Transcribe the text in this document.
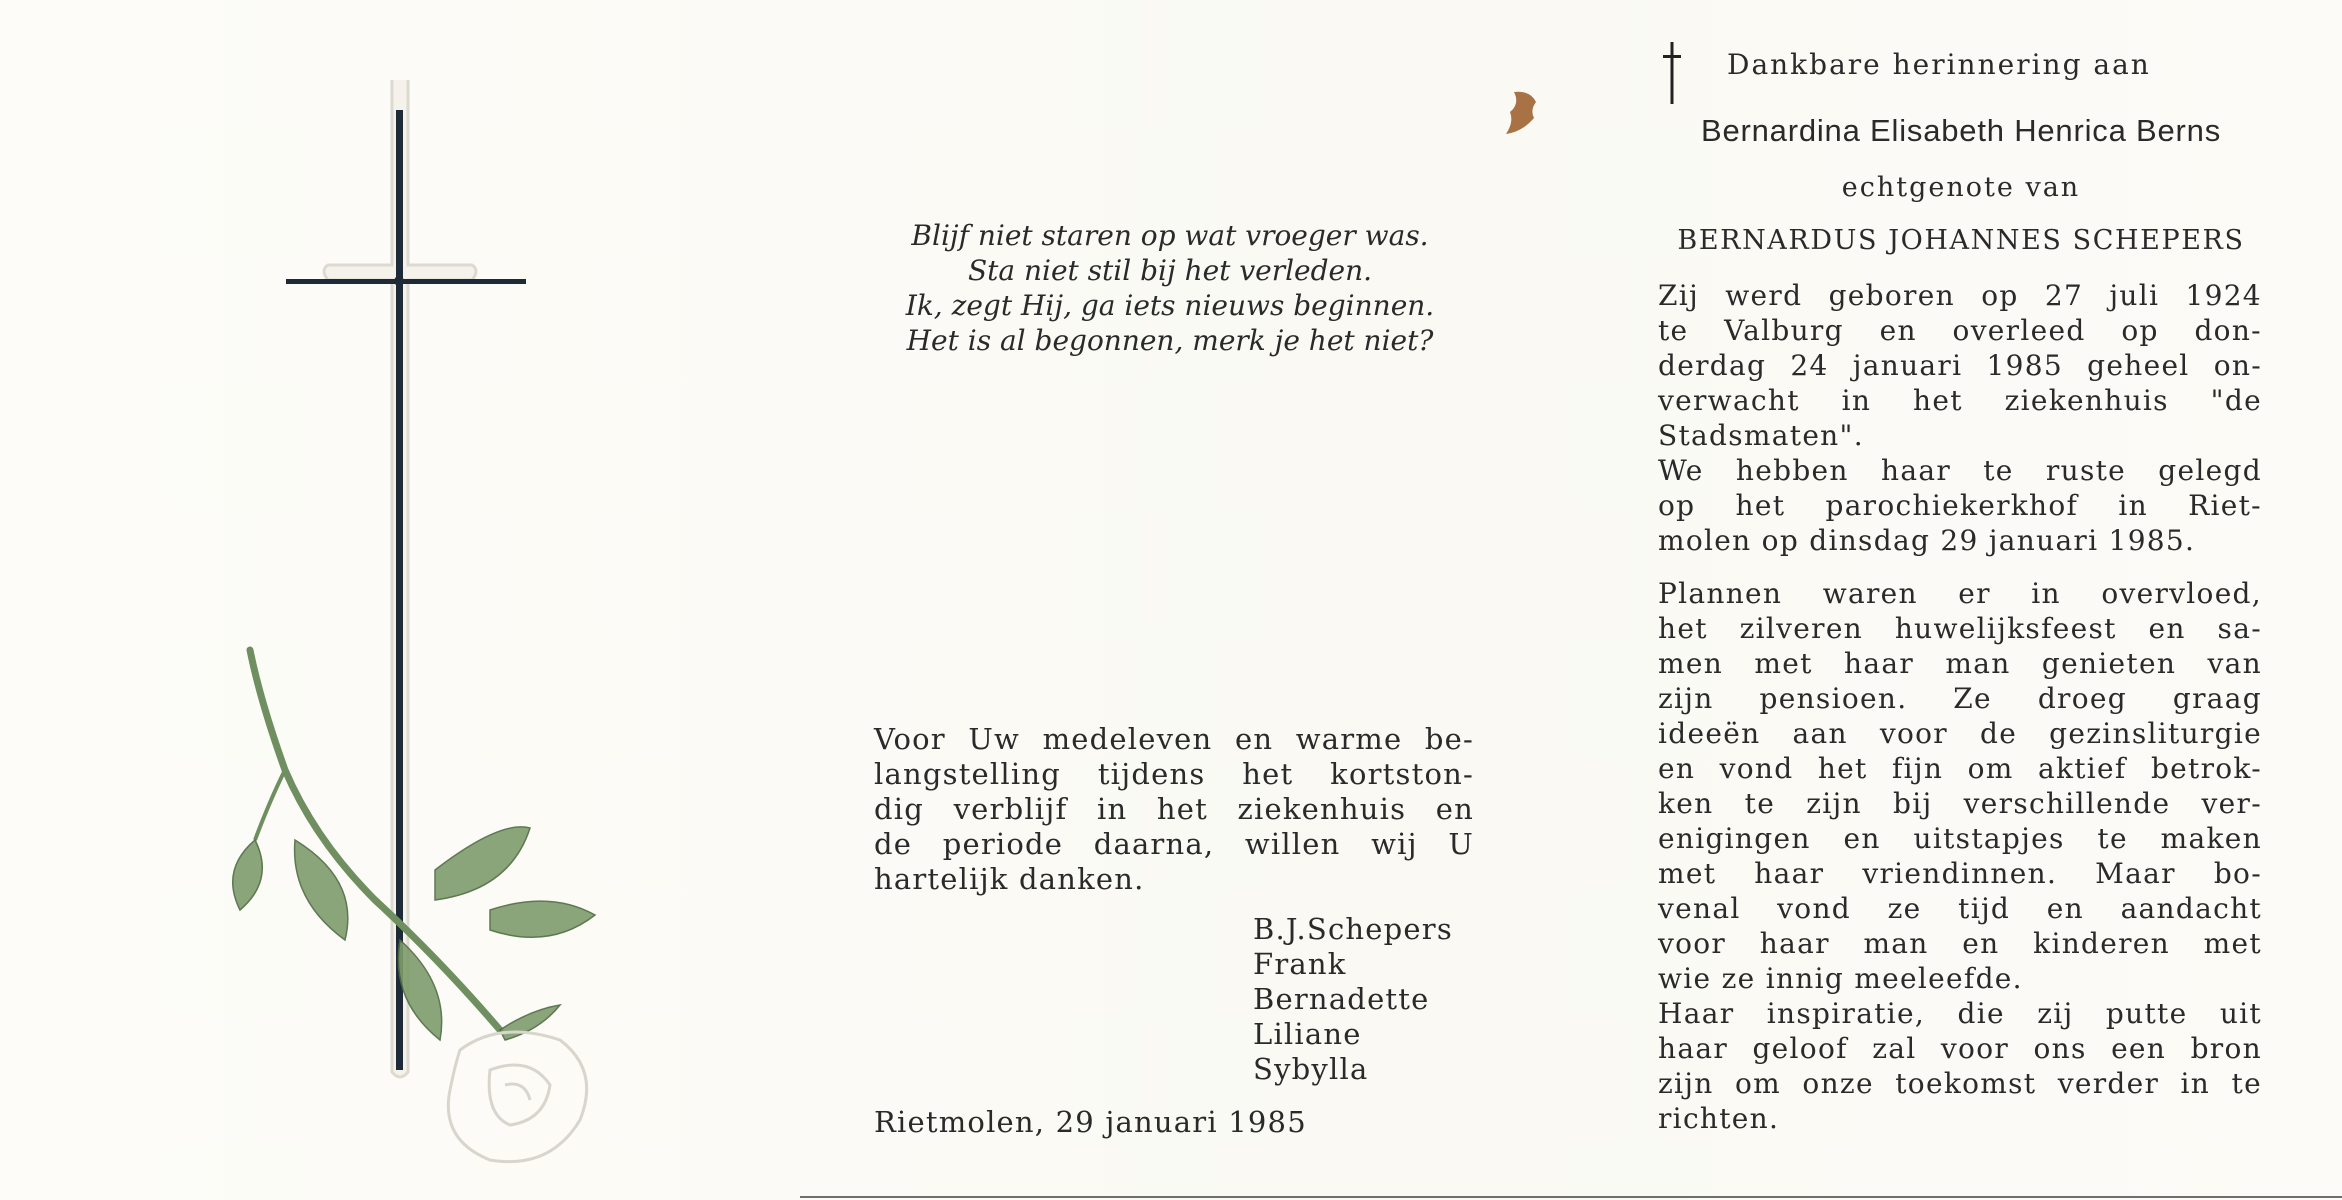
Blijf niet staren op wat vroeger was.
Sta niet stil bij het verleden.
Ik, zegt Hij, ga iets nieuws beginnen.
Het is al begonnen, merk je het niet?
Voor Uw medeleven en warme be-
langstelling tijdens het kortston-
dig verblijf in het ziekenhuis en
de periode daarna, willen wij U
hartelijk danken.
B.J.Schepers
Frank
Bernadette
Liliane
Sybylla
Rietmolen, 29 januari 1985
Dankbare herinnering aan
Bernardina Elisabeth Henrica Berns
echtgenote van
BERNARDUS JOHANNES SCHEPERS
Zij werd geboren op 27 juli 1924
te Valburg en overleed op don-
derdag 24 januari 1985 geheel on-
verwacht in het ziekenhuis "de
Stadsmaten".
We hebben haar te ruste gelegd
op het parochiekerkhof in Riet-
molen op dinsdag 29 januari 1985.
Plannen waren er in overvloed,
het zilveren huwelijksfeest en sa-
men met haar man genieten van
zijn pensioen. Ze droeg graag
ideeën aan voor de gezinsliturgie
en vond het fijn om aktief betrok-
ken te zijn bij verschillende ver-
enigingen en uitstapjes te maken
met haar vriendinnen. Maar bo-
venal vond ze tijd en aandacht
voor haar man en kinderen met
wie ze innig meeleefde.
Haar inspiratie, die zij putte uit
haar geloof zal voor ons een bron
zijn om onze toekomst verder in te
richten.
